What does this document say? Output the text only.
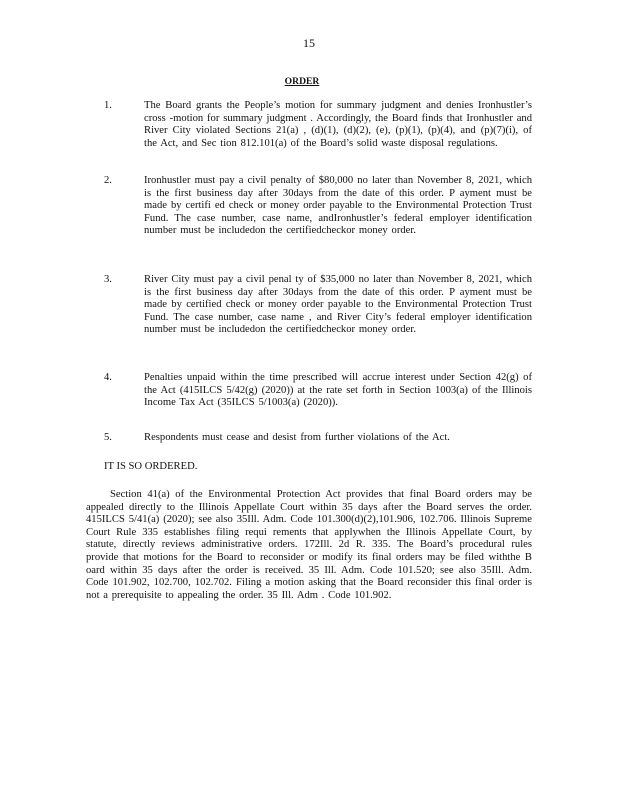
15
ORDER
1.	The Board grants the People’s motion for summary judgment and denies Ironhustler’s cross -motion for summary judgment . Accordingly, the Board finds that Ironhustler and River City violated Sections 21(a) , (d)(1), (d)(2), (e), (p)(1), (p)(4), and (p)(7)(i), of the Act, and Sec tion 812.101(a) of the Board’s solid waste disposal regulations.
2.	Ironhustler must pay a civil penalty of $80,000 no later than November 8, 2021, which is the first business day after 30days from the date of this order. P ayment must be made by certifi ed check or money order payable to the Environmental Protection Trust Fund. The case number, case name, andIronhustler’s federal employer identification number must be includedon the certifiedcheckor money order.
3.	River City must pay a civil penal ty of $35,000 no later than November 8, 2021, which is the first business day after 30days from the date of this order. P ayment must be made by certified check or money order payable to the Environmental Protection Trust Fund. The case number, case name , and River City’s federal employer identification number must be includedon the certifiedcheckor money order.
4.	Penalties unpaid within the time prescribed will accrue interest under Section 42(g) of the Act (415ILCS 5/42(g) (2020)) at the rate set forth in Section 1003(a) of the Illinois Income Tax Act (35ILCS 5/1003(a) (2020)).
5.	Respondents must cease and desist from further violations of the Act.
IT IS SO ORDERED.

Section 41(a) of the Environmental Protection Act provides that final Board orders may be appealed directly to the Illinois Appellate Court within 35 days after the Board serves the order. 415ILCS 5/41(a) (2020); see also 35Ill. Adm. Code 101.300(d)(2),101.906, 102.706. Illinois Supreme Court Rule 335 establishes filing requi rements that applywhen the Illinois Appellate Court, by statute, directly reviews administrative orders. 172Ill. 2d R. 335. The Board’s procedural rules provide that motions for the Board to reconsider or modify its final orders may be filed withthe B oard within 35 days after the order is received. 35 Ill. Adm. Code 101.520; see also 35Ill. Adm. Code 101.902, 102.700, 102.702. Filing a motion asking that the Board reconsider this final order is not a prerequisite to appealing the order. 35 Ill. Adm . Code 101.902.
